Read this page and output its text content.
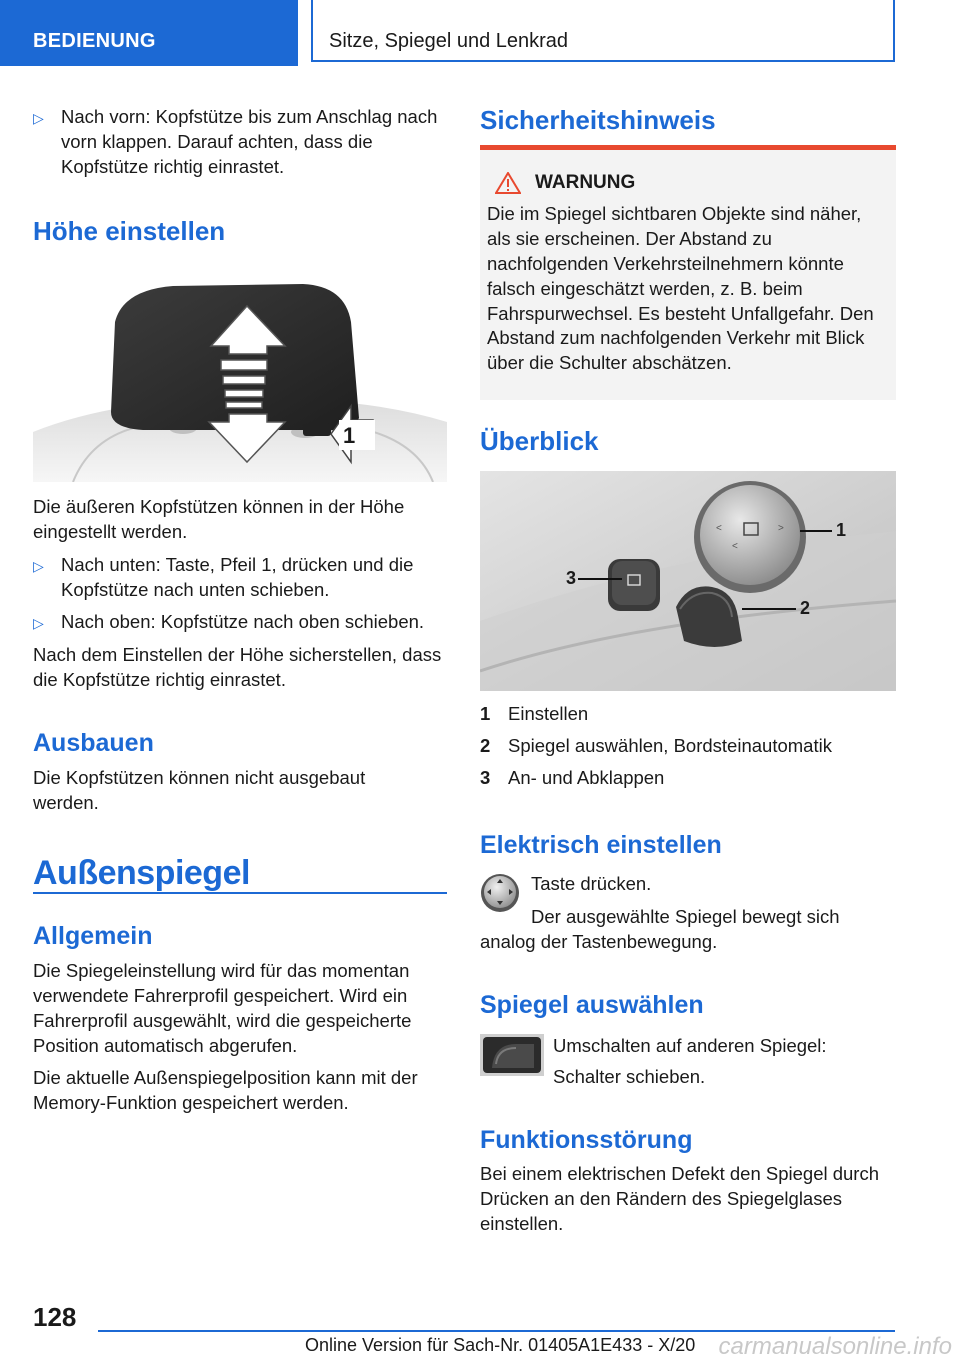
BEDIENUNG	Sitze, Spiegel und Lenkrad
▷ Nach vorn: Kopfstütze bis zum Anschlag nach vorn klappen. Darauf achten, dass die Kopfstütze richtig einrastet.
Höhe einstellen
1

Die äußeren Kopfstützen können in der Höhe eingestellt werden.

▷ Nach unten: Taste, Pfeil 1, drücken und die Kopfstütze nach unten schieben.
▷ Nach oben: Kopfstütze nach oben schieben.

Nach dem Einstellen der Höhe sicherstellen, dass die Kopfstütze richtig einrastet.

Ausbauen

Die Kopfstützen können nicht ausgebaut werden.

Außenspiegel
Allgemein

Die Spiegeleinstellung wird für das momentan verwendete Fahrerprofil gespeichert. Wird ein Fahrerprofil ausgewählt, wird die gespeicherte Position automatisch abgerufen.

Die aktuelle Außenspiegelposition kann mit der Memory-Funktion gespeichert werden.

Sicherheitshinweis
WARNUNG

Die im Spiegel sichtbaren Objekte sind näher, als sie erscheinen. Der Abstand zu nachfolgenden Verkehrsteilnehmern könnte falsch eingeschätzt werden, z. B. beim Fahrspurwechsel. Es besteht Unfallgefahr. Den Abstand zum nachfolgenden Verkehr mit Blick über die Schulter abschätzen.

Überblick
<	>
<
1
2
3
1 Einstellen
2 Spiegel auswählen, Bordsteinautomatik
3 An- und Abklappen
Elektrisch einstellen

Taste drücken.

Der ausgewählte Spiegel bewegt sich analog der Tastenbewegung.

Spiegel auswählen

Umschalten auf anderen Spiegel:

Schalter schieben.

Funktionsstörung

Bei einem elektrischen Defekt den Spiegel durch Drücken an den Rändern des Spiegelglases einstellen.

128
Online Version für Sach-Nr. 01405A1E433 - X/20 carmanualsonline.info
